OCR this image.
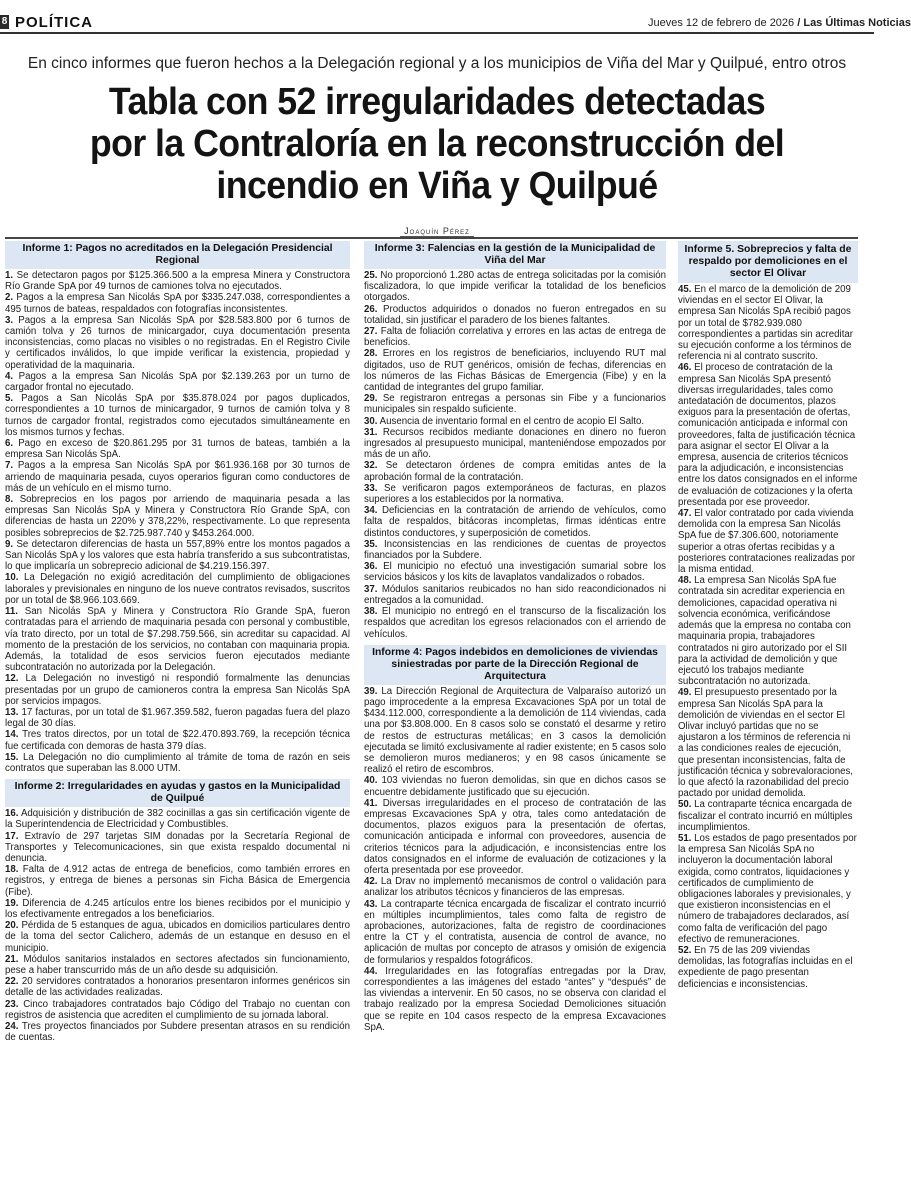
8 POLÍTICA	Jueves 12 de febrero de 2026 / Las Últimas Noticias
En cinco informes que fueron hechos a la Delegación regional y a los municipios de Viña del Mar y Quilpué, entro otros
Tabla con 52 irregularidades detectadas
por la Contraloría en la reconstrucción del
incendio en Viña y Quilpué
Joaquín Pérez
Informe 1: Pagos no acreditados en la Delegación Presidencial Regional
1. Se detectaron pagos por $125.366.500 a la empresa Minera y Constructora Río Grande SpA por 49 turnos de camiones tolva no ejecutados.
2. Pagos a la empresa San Nicolás SpA por $335.247.038, correspondientes a 495 turnos de bateas, respaldados con fotografías inconsistentes.
3. Pagos a la empresa San Nicolás SpA por $28.583.800 por 6 turnos de camión tolva y 26 turnos de minicargador, cuya documentación presenta inconsistencias, como placas no visibles o no registradas. En el Registro Civile y certificados inválidos, lo que impide verificar la existencia, propiedad y operatividad de la maquinaria.
4. Pagos a la empresa San Nicolás SpA por $2.139.263 por un turno de cargador frontal no ejecutado.
5. Pagos a San Nicolás SpA por $35.878.024 por pagos duplicados, correspondientes a 10 turnos de minicargador, 9 turnos de camión tolva y 8 turnos de cargador frontal, registrados como ejecutados simultáneamente en los mismos turnos y fechas.
6. Pago en exceso de $20.861.295 por 31 turnos de bateas, también a la empresa San Nicolás SpA.
7. Pagos a la empresa San Nicolás SpA por $61.936.168 por 30 turnos de arriendo de maquinaria pesada, cuyos operarios figuran como conductores de más de un vehículo en el mismo turno.
8. Sobreprecios en los pagos por arriendo de maquinaria pesada a las empresas San Nicolás SpA y Minera y Constructora Río Grande SpA, con diferencias de hasta un 220% y 378,22%, respectivamente. Lo que representa posibles sobreprecios de $2.725.987.740 y $453.264.000.
9. Se detectaron diferencias de hasta un 557,89% entre los montos pagados a San Nicolás SpA y los valores que esta habría transferido a sus subcontratistas, lo que implicaría un sobreprecio adicional de $4.219.156.397.
10. La Delegación no exigió acreditación del cumplimiento de obligaciones laborales y previsionales en ninguno de los nueve contratos revisados, suscritos por un total de $8.966.103.669.
11. San Nicolás SpA y Minera y Constructora Río Grande SpA, fueron contratadas para el arriendo de maquinaria pesada con personal y combustible, vía trato directo, por un total de $7.298.759.566, sin acreditar su capacidad. Al momento de la prestación de los servicios, no contaban con maquinaria propia. Además, la totalidad de esos servicios fueron ejecutados mediante subcontratación no autorizada por la Delegación.
12. La Delegación no investigó ni respondió formalmente las denuncias presentadas por un grupo de camioneros contra la empresa San Nicolás SpA por servicios impagos.
13. 17 facturas, por un total de $1.967.359.582, fueron pagadas fuera del plazo legal de 30 días.
14. Tres tratos directos, por un total de $22.470.893.769, la recepción técnica fue certificada con demoras de hasta 379 días.
15. La Delegación no dio cumplimiento al trámite de toma de razón en seis contratos que superaban las 8.000 UTM.
Informe 2: Irregularidades en ayudas y gastos en la Municipalidad de Quilpué
16. Adquisición y distribución de 382 cocinillas a gas sin certificación vigente de la Superintendencia de Electricidad y Combustibles.
17. Extravío de 297 tarjetas SIM donadas por la Secretaría Regional de Transportes y Telecomunicaciones, sin que exista respaldo documental ni denuncia.
18. Falta de 4.912 actas de entrega de beneficios, como también errores en registros, y entrega de bienes a personas sin Ficha Básica de Emergencia (Fibe).
19. Diferencia de 4.245 artículos entre los bienes recibidos por el municipio y los efectivamente entregados a los beneficiarios.
20. Pérdida de 5 estanques de agua, ubicados en domicilios particulares dentro de la toma del sector Calichero, además de un estanque en desuso en el municipio.
21. Módulos sanitarios instalados en sectores afectados sin funcionamiento, pese a haber transcurrido más de un año desde su adquisición.
22. 20 servidores contratados a honorarios presentaron informes genéricos sin detalle de las actividades realizadas.
23. Cinco trabajadores contratados bajo Código del Trabajo no cuentan con registros de asistencia que acrediten el cumplimiento de su jornada laboral.
24. Tres proyectos financiados por Subdere presentan atrasos en su rendición de cuentas.
Informe 3: Falencias en la gestión de la Municipalidad de Viña del Mar
25. No proporcionó 1.280 actas de entrega solicitadas por la comisión fiscalizadora, lo que impide verificar la totalidad de los beneficios otorgados.
26. Productos adquiridos o donados no fueron entregados en su totalidad, sin justificar el paradero de los bienes faltantes.
27. Falta de foliación correlativa y errores en las actas de entrega de beneficios.
28. Errores en los registros de beneficiarios, incluyendo RUT mal digitados, uso de RUT genéricos, omisión de fechas, diferencias en los números de las Fichas Básicas de Emergencia (Fibe) y en la cantidad de integrantes del grupo familiar.
29. Se registraron entregas a personas sin Fibe y a funcionarios municipales sin respaldo suficiente.
30. Ausencia de inventario formal en el centro de acopio El Salto.
31. Recursos recibidos mediante donaciones en dinero no fueron ingresados al presupuesto municipal, manteniéndose empozados por más de un año.
32. Se detectaron órdenes de compra emitidas antes de la aprobación formal de la contratación.
33. Se verificaron pagos extemporáneos de facturas, en plazos superiores a los establecidos por la normativa.
34. Deficiencias en la contratación de arriendo de vehículos, como falta de respaldos, bitácoras incompletas, firmas idénticas entre distintos conductores, y superposición de cometidos.
35. Inconsistencias en las rendiciones de cuentas de proyectos financiados por la Subdere.
36. El municipio no efectuó una investigación sumarial sobre los servicios básicos y los kits de lavaplatos vandalizados o robados.
37. Módulos sanitarios reubicados no han sido reacondicionados ni entregados a la comunidad.
38. El municipio no entregó en el transcurso de la fiscalización los respaldos que acreditan los egresos relacionados con el arriendo de vehículos.
Informe 4: Pagos indebidos en demoliciones de viviendas siniestradas por parte de la Dirección Regional de Arquitectura
39. La Dirección Regional de Arquitectura de Valparaíso autorizó un pago improcedente a la empresa Excavaciones SpA por un total de $434.112.000, correspondiente a la demolición de 114 viviendas, cada una por $3.808.000. En 8 casos solo se constató el desarme y retiro de restos de estructuras metálicas; en 3 casos la demolición ejecutada se limitó exclusivamente al radier existente; en 5 casos solo se demolieron muros medianeros; y en 98 casos únicamente se realizó el retiro de escombros.
40. 103 viviendas no fueron demolidas, sin que en dichos casos se encuentre debidamente justificado que su ejecución.
41. Diversas irregularidades en el proceso de contratación de las empresas Excavaciones SpA y otra, tales como antedatación de documentos, plazos exiguos para la presentación de ofertas, comunicación anticipada e informal con proveedores, ausencia de criterios técnicos para la adjudicación, e inconsistencias entre los datos consignados en el informe de evaluación de cotizaciones y la oferta presentada por ese proveedor.
42. La Drav no implementó mecanismos de control o validación para analizar los atributos técnicos y financieros de las empresas.
43. La contraparte técnica encargada de fiscalizar el contrato incurrió en múltiples incumplimientos, tales como falta de registro de aprobaciones, autorizaciones, falta de registro de coordinaciones entre la CT y el contratista, ausencia de control de avance, no aplicación de multas por concepto de atrasos y omisión de exigencia de formularios y respaldos fotográficos.
44. Irregularidades en las fotografías entregadas por la Drav, correspondientes a las imágenes del estado “antes” y “después” de las viviendas a intervenir. En 50 casos, no se observa con claridad el trabajo realizado por la empresa Sociedad Demoliciones situación que se repite en 104 casos respecto de la empresa Excavaciones SpA.
Informe 5. Sobreprecios y falta de respaldo por demoliciones en el sector El Olivar
45. En el marco de la demolición de 209 viviendas en el sector El Olivar, la empresa San Nicolás SpA recibió pagos por un total de $782.939.080 correspondientes a partidas sin acreditar su ejecución conforme a los términos de referencia ni al contrato suscrito.
46. El proceso de contratación de la empresa San Nicolás SpA presentó diversas irregularidades, tales como antedatación de documentos, plazos exiguos para la presentación de ofertas, comunicación anticipada e informal con proveedores, falta de justificación técnica para asignar el sector El Olivar a la empresa, ausencia de criterios técnicos para la adjudicación, e inconsistencias entre los datos consignados en el informe de evaluación de cotizaciones y la oferta presentada por ese proveedor.
47. El valor contratado por cada vivienda demolida con la empresa San Nicolás SpA fue de $7.306.600, notoriamente superior a otras ofertas recibidas y a posteriores contrataciones realizadas por la misma entidad.
48. La empresa San Nicolás SpA fue contratada sin acreditar experiencia en demoliciones, capacidad operativa ni solvencia económica, verificándose además que la empresa no contaba con maquinaria propia, trabajadores contratados ni giro autorizado por el SII para la actividad de demolición y que ejecutó los trabajos mediante subcontratación no autorizada.
49. El presupuesto presentado por la empresa San Nicolás SpA para la demolición de viviendas en el sector El Olivar incluyó partidas que no se ajustaron a los términos de referencia ni a las condiciones reales de ejecución, que presentan inconsistencias, falta de justificación técnica y sobrevaloraciones, lo que afectó la razonabilidad del precio pactado por unidad demolida.
50. La contraparte técnica encargada de fiscalizar el contrato incurrió en múltiples incumplimientos.
51. Los estados de pago presentados por la empresa San Nicolás SpA no incluyeron la documentación laboral exigida, como contratos, liquidaciones y certificados de cumplimiento de obligaciones laborales y previsionales, y que existieron inconsistencias en el número de trabajadores declarados, así como falta de verificación del pago efectivo de remuneraciones.
52. En 75 de las 209 viviendas demolidas, las fotografías incluidas en el expediente de pago presentan deficiencias e inconsistencias.
